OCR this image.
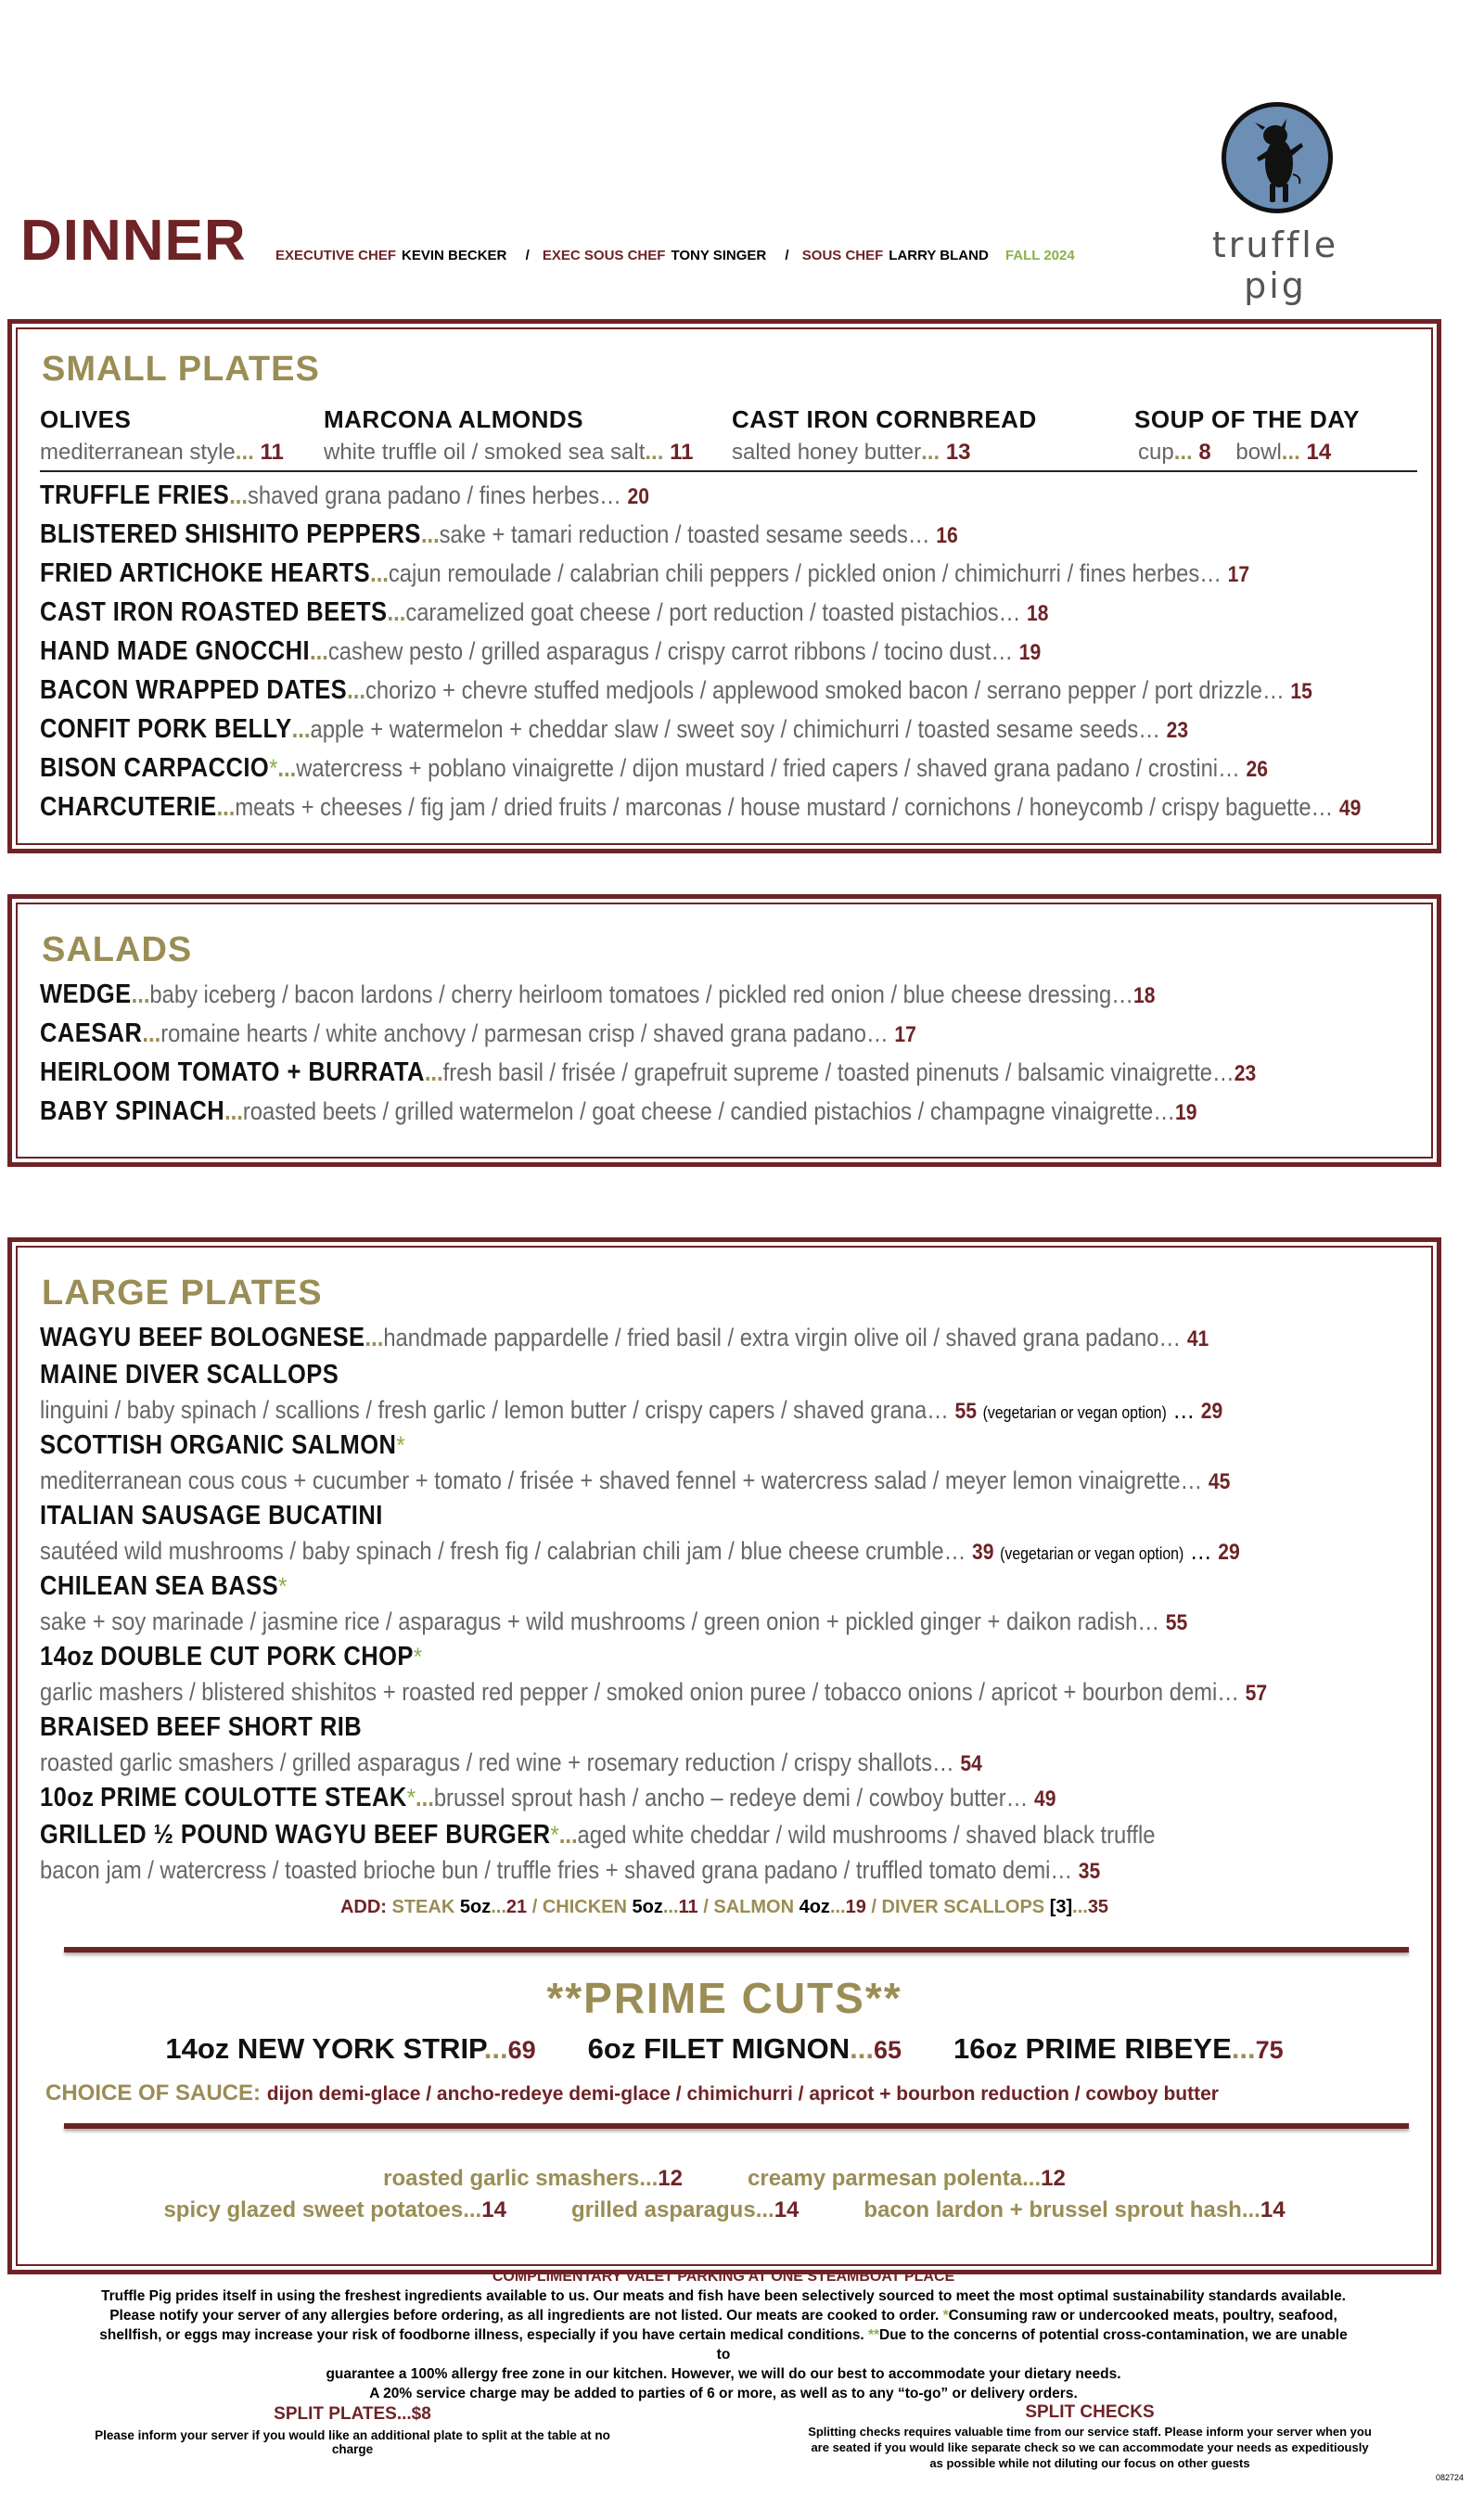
DINNER EXECUTIVE CHEF KEVIN BECKER / EXEC SOUS CHEF TONY SINGER / SOUS CHEF LARRY BLAND FALL 2024	truffle pig
SMALL PLATES
OLIVES
mediterranean style... 11
MARCONA ALMONDS
white truffle oil / smoked sea salt... 11
CAST IRON CORNBREAD
salted honey butter... 13
SOUP OF THE DAY
cup... 8 bowl... 14
TRUFFLE FRIES...shaved grana padano / fines herbes… 20
BLISTERED SHISHITO PEPPERS...sake + tamari reduction / toasted sesame seeds… 16
FRIED ARTICHOKE HEARTS...cajun remoulade / calabrian chili peppers / pickled onion / chimichurri / fines herbes… 17
CAST IRON ROASTED BEETS...caramelized goat cheese / port reduction / toasted pistachios… 18
HAND MADE GNOCCHI...cashew pesto / grilled asparagus / crispy carrot ribbons / tocino dust… 19
BACON WRAPPED DATES...chorizo + chevre stuffed medjools / applewood smoked bacon / serrano pepper / port drizzle… 15
CONFIT PORK BELLY...apple + watermelon + cheddar slaw / sweet soy / chimichurri / toasted sesame seeds… 23
BISON CARPACCIO*...watercress + poblano vinaigrette / dijon mustard / fried capers / shaved grana padano / crostini… 26
CHARCUTERIE...meats + cheeses / fig jam / dried fruits / marconas / house mustard / cornichons / honeycomb / crispy baguette… 49
SALADS
WEDGE...baby iceberg / bacon lardons / cherry heirloom tomatoes / pickled red onion / blue cheese dressing…18
CAESAR...romaine hearts / white anchovy / parmesan crisp / shaved grana padano… 17
HEIRLOOM TOMATO + BURRATA...fresh basil / frisée / grapefruit supreme / toasted pinenuts / balsamic vinaigrette…23
BABY SPINACH...roasted beets / grilled watermelon / goat cheese / candied pistachios / champagne vinaigrette…19
LARGE PLATES
WAGYU BEEF BOLOGNESE...handmade pappardelle / fried basil / extra virgin olive oil / shaved grana padano… 41
MAINE DIVER SCALLOPS
linguini / baby spinach / scallions / fresh garlic / lemon butter / crispy capers / shaved grana… 55 (vegetarian or vegan option) … 29
SCOTTISH ORGANIC SALMON*
mediterranean cous cous + cucumber + tomato / frisée + shaved fennel + watercress salad / meyer lemon vinaigrette… 45
ITALIAN SAUSAGE BUCATINI
sautéed wild mushrooms / baby spinach / fresh fig / calabrian chili jam / blue cheese crumble… 39 (vegetarian or vegan option) … 29
CHILEAN SEA BASS*
sake + soy marinade / jasmine rice / asparagus + wild mushrooms / green onion + pickled ginger + daikon radish… 55
14oz DOUBLE CUT PORK CHOP*
garlic mashers / blistered shishitos + roasted red pepper / smoked onion puree / tobacco onions / apricot + bourbon demi… 57
BRAISED BEEF SHORT RIB
roasted garlic smashers / grilled asparagus / red wine + rosemary reduction / crispy shallots… 54
10oz PRIME COULOTTE STEAK*...brussel sprout hash / ancho – redeye demi / cowboy butter… 49
GRILLED ½ POUND WAGYU BEEF BURGER*...aged white cheddar / wild mushrooms / shaved black truffle
bacon jam / watercress / toasted brioche bun / truffle fries + shaved grana padano / truffled tomato demi… 35
ADD: STEAK 5oz...21 / CHICKEN 5oz...11 / SALMON 4oz...19 / DIVER SCALLOPS [3]...35
**PRIME CUTS**
14oz NEW YORK STRIP...69 6oz FILET MIGNON...65 16oz PRIME RIBEYE...75
CHOICE OF SAUCE: dijon demi-glace / ancho-redeye demi-glace / chimichurri / apricot + bourbon reduction / cowboy butter
roasted garlic smashers...12	creamy parmesan polenta...12
spicy glazed sweet potatoes...14	grilled asparagus...14	bacon lardon + brussel sprout hash...14
COMPLIMENTARY VALET PARKING AT ONE STEAMBOAT PLACE
Truffle Pig prides itself in using the freshest ingredients available to us. Our meats and fish have been selectively sourced to meet the most optimal sustainability standards available.
Please notify your server of any allergies before ordering, as all ingredients are not listed. Our meats are cooked to order. *Consuming raw or undercooked meats, poultry, seafood,
shellfish, or eggs may increase your risk of foodborne illness, especially if you have certain medical conditions. **Due to the concerns of potential cross-contamination, we are unable to
guarantee a 100% allergy free zone in our kitchen. However, we will do our best to accommodate your dietary needs.
A 20% service charge may be added to parties of 6 or more, as well as to any “to-go” or delivery orders.
SPLIT PLATES...$8
Please inform your server if you would like an additional plate to split at the table at no charge
SPLIT CHECKS
Splitting checks requires valuable time from our service staff. Please inform your server when you are seated if you would like separate check so we can accommodate your needs as expeditiously as possible while not diluting our focus on other guests
082724
